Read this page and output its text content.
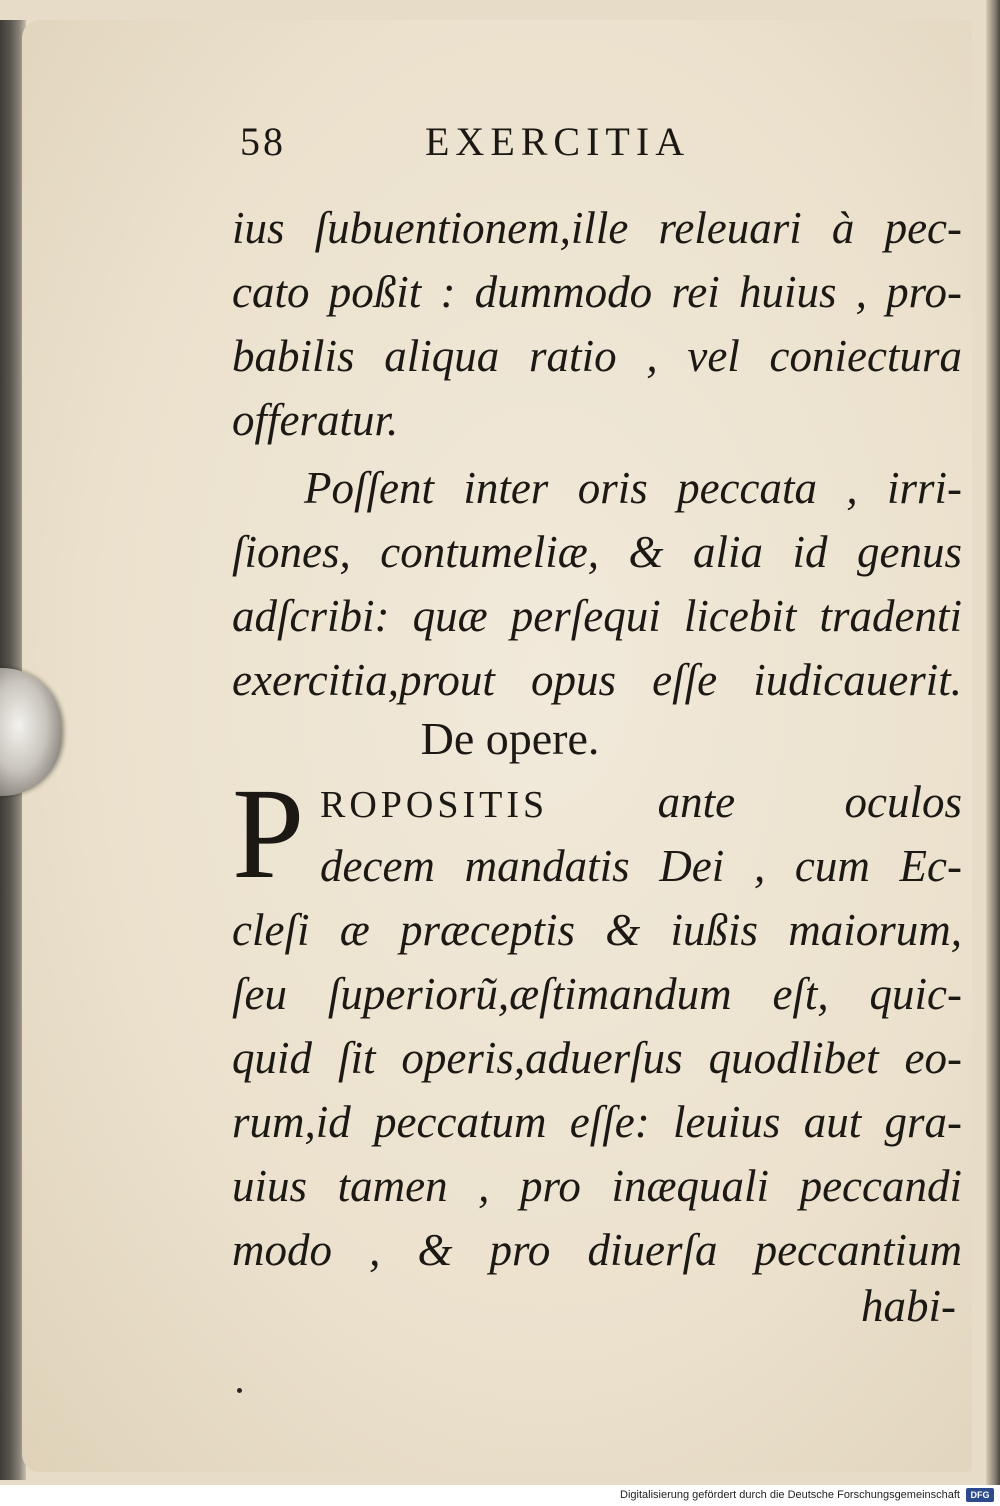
58	EXERCITIA
ius ſubuentionem,ille releuari à pec-
cato poßit : dummodo rei huius , pro-
babilis aliqua ratio , vel coniectura
offeratur.
Poſſent inter oris peccata , irri-
ſiones, contumeliæ, & alia id genus
adſcribi: quæ perſequi licebit tradenti
exercitia,prout opus eſſe iudicauerit.
De opere.
P ROPOSITIS ante oculos
decem mandatis Dei , cum Ec-
cleſi æ præceptis & iußis maiorum,
ſeu ſuperiorũ,æſtimandum eſt, quic-
quid ſit operis,aduerſus quodlibet eo-
rum,id peccatum eſſe: leuius aut gra-
uius tamen , pro inæquali peccandi
modo , & pro diuerſa peccantium
habi-
Digitalisierung gefördert durch die Deutsche Forschungsgemeinschaft	DFG
